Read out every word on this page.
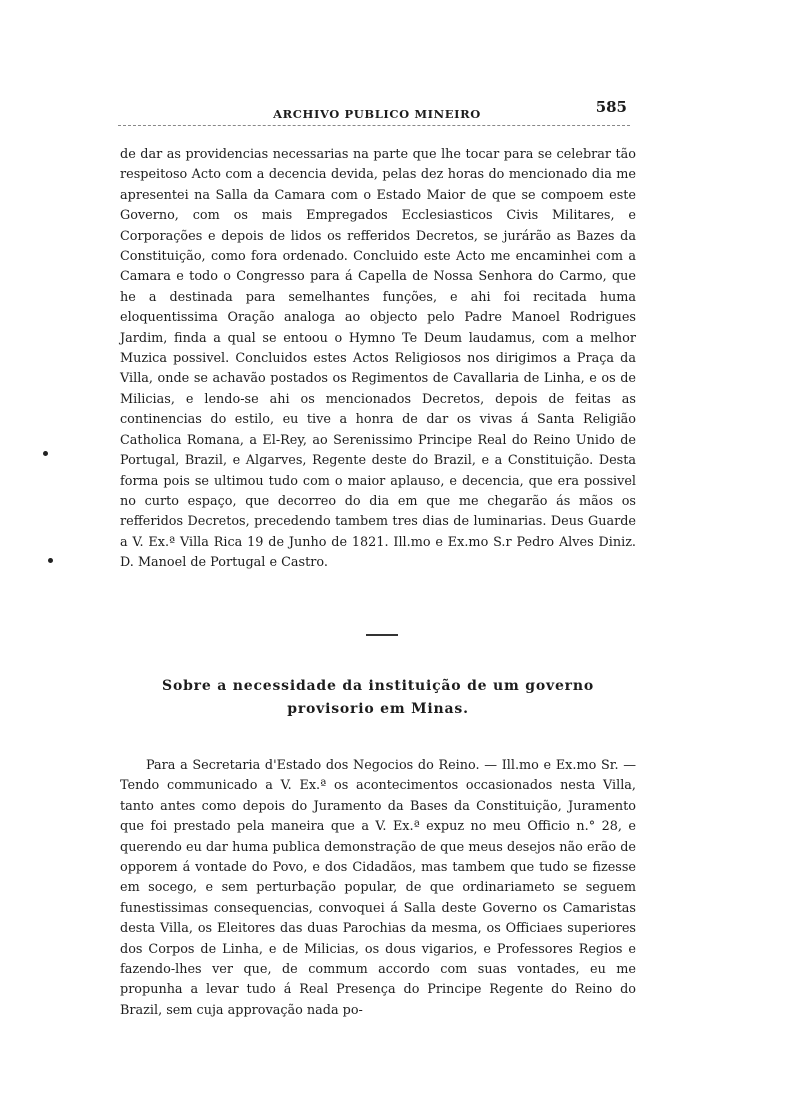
ARCHIVO PUBLICO MINEIRO	585

de dar as providencias necessarias na parte que lhe tocar para se celebrar tão respeitoso Acto com a decencia devida, pelas dez horas do mencionado dia me apresentei na Salla da Camara com o Estado Maior de que se compoem este Governo, com os mais Empregados Ecclesiasticos Civis Militares, e Corporações e depois de lidos os refferidos Decretos, se jurárão as Bazes da Constituição, como fora ordenado. Concluido este Acto me encaminhei com a Camara e todo o Congresso para á Capella de Nossa Senhora do Carmo, que he a destinada para semelhantes funções, e ahi foi recitada huma eloquentissima Oração analoga ao objecto pelo Padre Manoel Rodrigues Jardim, finda a qual se entoou o Hymno Te Deum laudamus, com a melhor Muzica possivel. Concluidos estes Actos Religiosos nos dirigimos a Praça da Villa, onde se achavão postados os Regimentos de Cavallaria de Linha, e os de Milicias, e lendo-se ahi os mencionados Decretos, depois de feitas as continencias do estilo, eu tive a honra de dar os vivas á Santa Religião Catholica Romana, a El-Rey, ao Serenissimo Principe Real do Reino Unido de Portugal, Brazil, e Algarves, Regente deste do Brazil, e a Constituição. Desta forma pois se ultimou tudo com o maior aplauso, e decencia, que era possivel no curto espaço, que decorreo do dia em que me chegarão ás mãos os refferidos Decretos, precedendo tambem tres dias de luminarias. Deus Guarde a V. Ex.ª Villa Rica 19 de Junho de 1821. Ill.mo e Ex.mo S.r Pedro Alves Diniz. D. Manoel de Portugal e Castro.

Sobre a necessidade da instituição de um governo provisorio em Minas.

Para a Secretaria d'Estado dos Negocios do Reino. — Ill.mo e Ex.mo Sr. — Tendo communicado a V. Ex.ª os acontecimentos occasionados nesta Villa, tanto antes como depois do Juramento da Bases da Constituição, Juramento que foi prestado pela maneira que a V. Ex.ª expuz no meu Officio n.° 28, e querendo eu dar huma publica demonstração de que meus desejos não erão de opporem á vontade do Povo, e dos Cidadãos, mas tambem que tudo se fizesse em socego, e sem perturbação popular, de que ordinariameto se seguem funestissimas consequencias, convoquei á Salla deste Governo os Camaristas desta Villa, os Eleitores das duas Parochias da mesma, os Officiaes superiores dos Corpos de Linha, e de Milicias, os dous vigarios, e Professores Regios e fazendo-lhes ver que, de commum accordo com suas vontades, eu me propunha a levar tudo á Real Presença do Principe Regente do Reino do Brazil, sem cuja approvação nada po-
